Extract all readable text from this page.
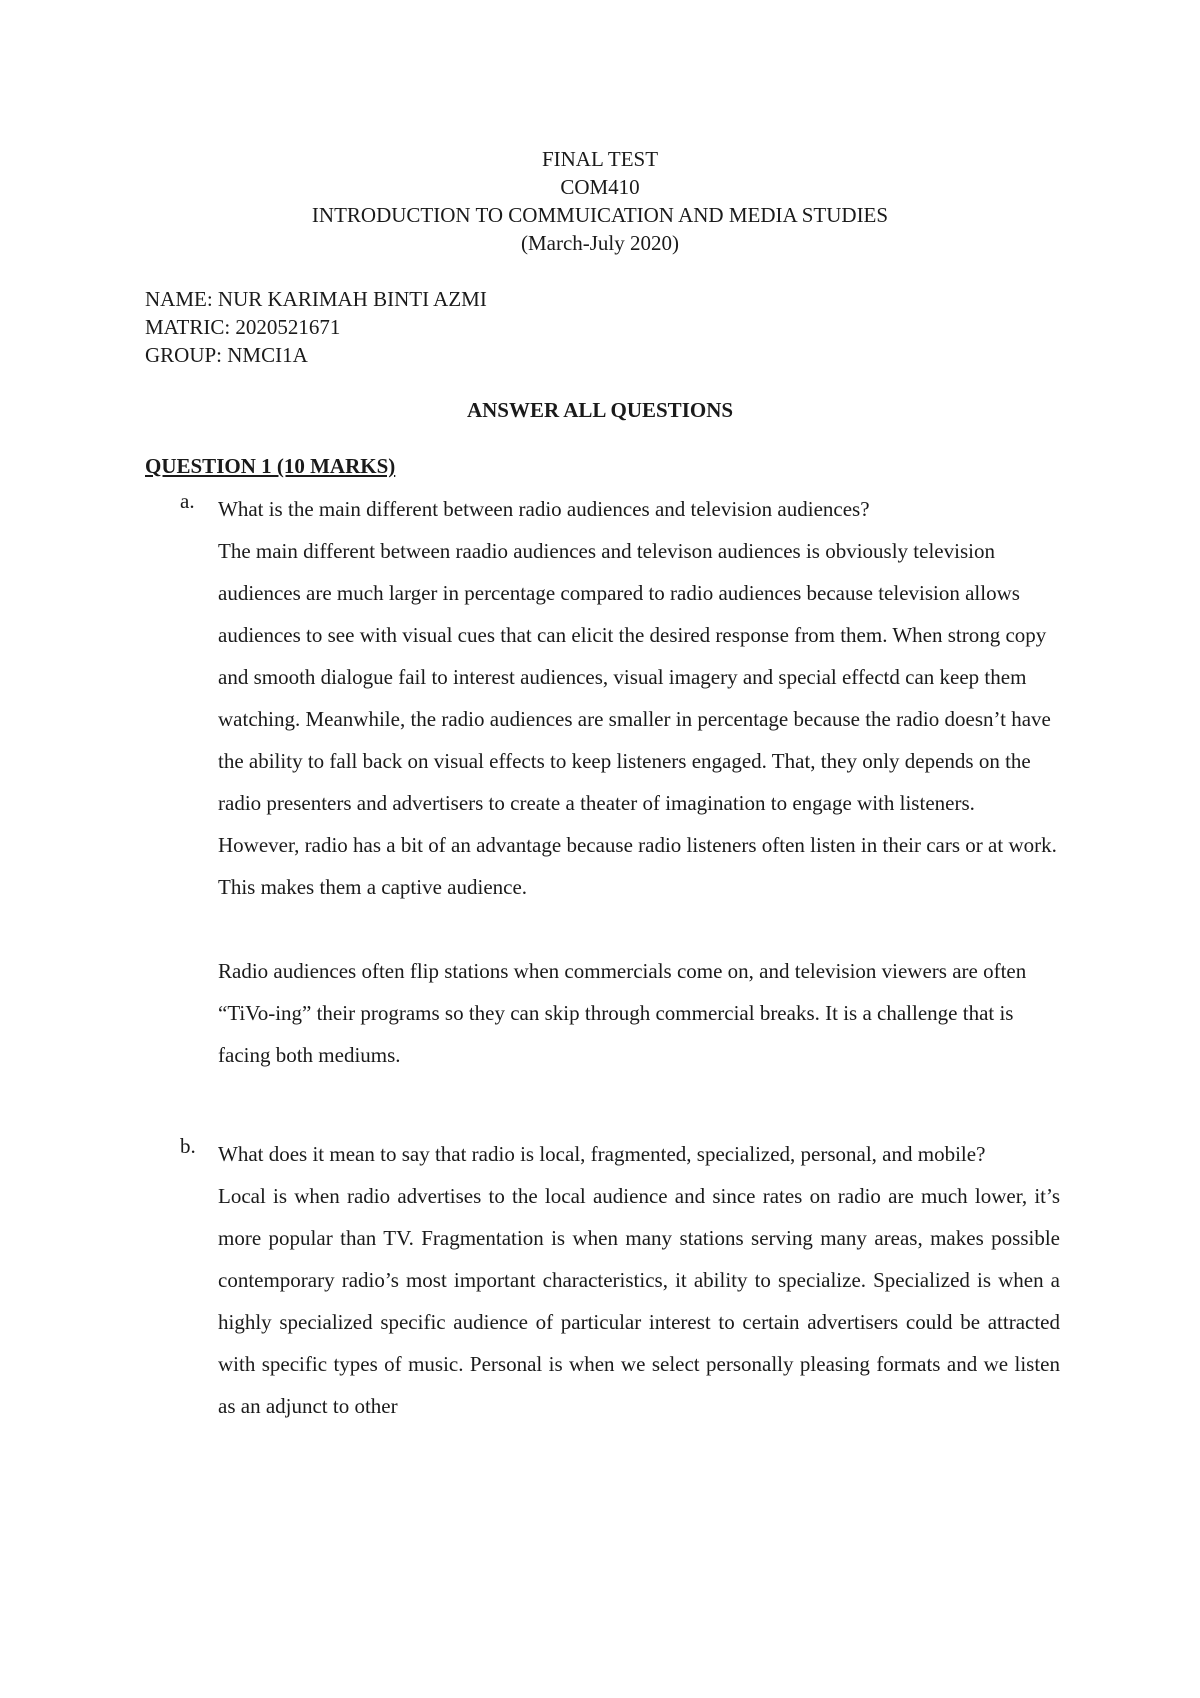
FINAL TEST
COM410
INTRODUCTION TO COMMUICATION AND MEDIA STUDIES
(March-July 2020)
NAME: NUR KARIMAH BINTI AZMI
MATRIC: 2020521671
GROUP: NMCI1A
ANSWER ALL QUESTIONS
QUESTION 1 (10 MARKS)
a.	What is the main different between radio audiences and television audiences?
The main different between raadio audiences and televison audiences is obviously television audiences are much larger in percentage compared to radio audiences because television allows audiences to see with visual cues that can elicit the desired response from them. When strong copy and smooth dialogue fail to interest audiences, visual imagery and special effectd can keep them watching. Meanwhile, the radio audiences are smaller in percentage because the radio doesn’t have the ability to fall back on visual effects to keep listeners engaged. That, they only depends on the radio presenters and advertisers to create a theater of imagination to engage with listeners. However, radio has a bit of an advantage because radio listeners often listen in their cars or at work. This makes them a captive audience.
Radio audiences often flip stations when commercials come on, and television viewers are often “TiVo-ing” their programs so they can skip through commercial breaks. It is a challenge that is facing both mediums.
b.	What does it mean to say that radio is local, fragmented, specialized, personal, and mobile?
Local is when radio advertises to the local audience and since rates on radio are much lower, it’s more popular than TV. Fragmentation is when many stations serving many areas, makes possible contemporary radio’s most important characteristics, it ability to specialize. Specialized is when a highly specialized specific audience of particular interest to certain advertisers could be attracted with specific types of music. Personal is when we select personally pleasing formats and we listen as an adjunct to other
